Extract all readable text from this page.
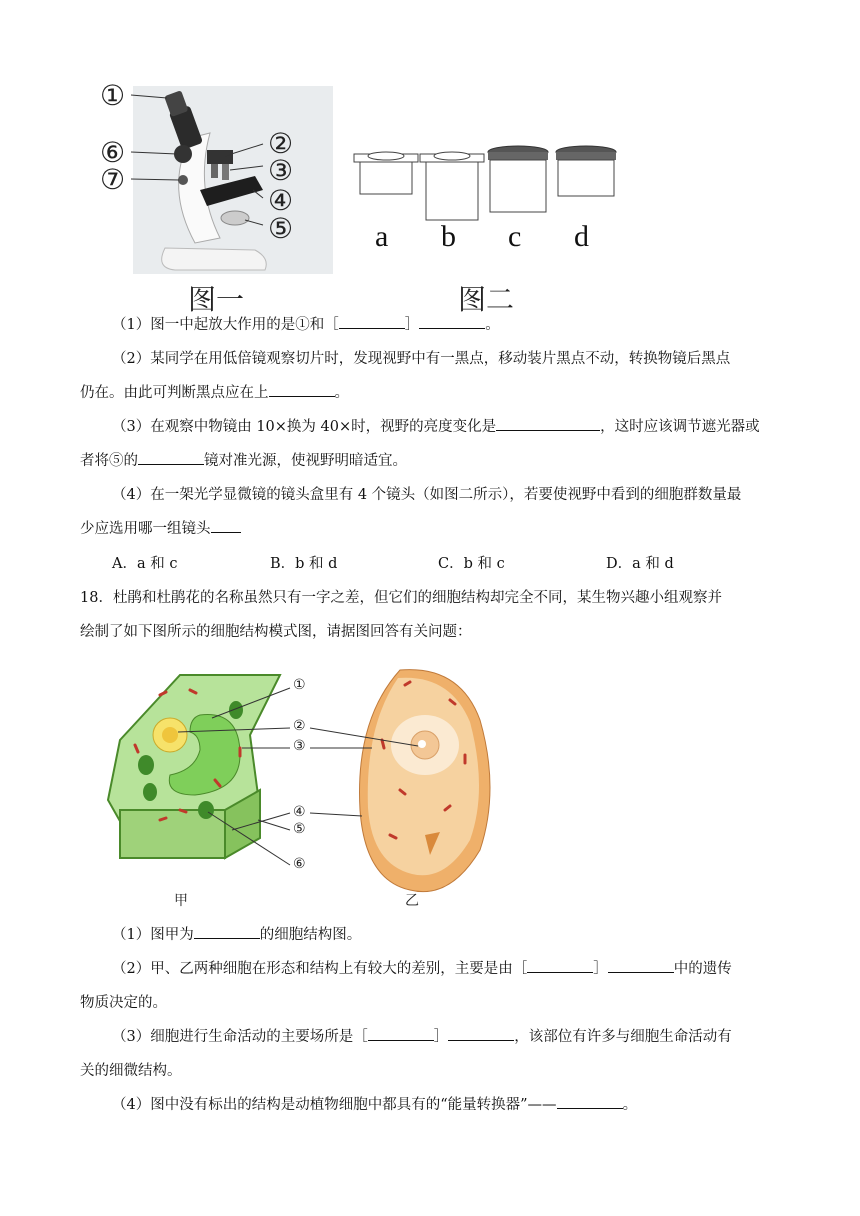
①
⑥
⑦
②
③
④
⑤
图一
a b c d
图二
（1）图一中起放大作用的是①和［	］	。
（2）某同学在用低倍镜观察切片时，发现视野中有一黑点，移动装片黑点不动，转换物镜后黑点
仍在。由此可判断黑点应在上	。
（3）在观察中物镜由 10×换为 40×时，视野的亮度变化是	，这时应该调节遮光器或
者将⑤的	镜对准光源，使视野明暗适宜。
（4）在一架光学显微镜的镜头盒里有 4 个镜头（如图二所示），若要使视野中看到的细胞群数量最
少应选用哪一组镜头
A．a 和 c	B．b 和 d	C．b 和 c	D．a 和 d
18．杜鹃和杜鹃花的名称虽然只有一字之差，但它们的细胞结构却完全不同，某生物兴趣小组观察并
绘制了如下图所示的细胞结构模式图，请据图回答有关问题：
①
②
③
④
⑤
⑥
甲	乙
（1）图甲为	的细胞结构图。
（2）甲、乙两种细胞在形态和结构上有较大的差别，主要是由［	］	中的遗传
物质决定的。
（3）细胞进行生命活动的主要场所是［	］	，该部位有许多与细胞生命活动有
关的细微结构。
（4）图中没有标出的结构是动植物细胞中都具有的“能量转换器”——	。
